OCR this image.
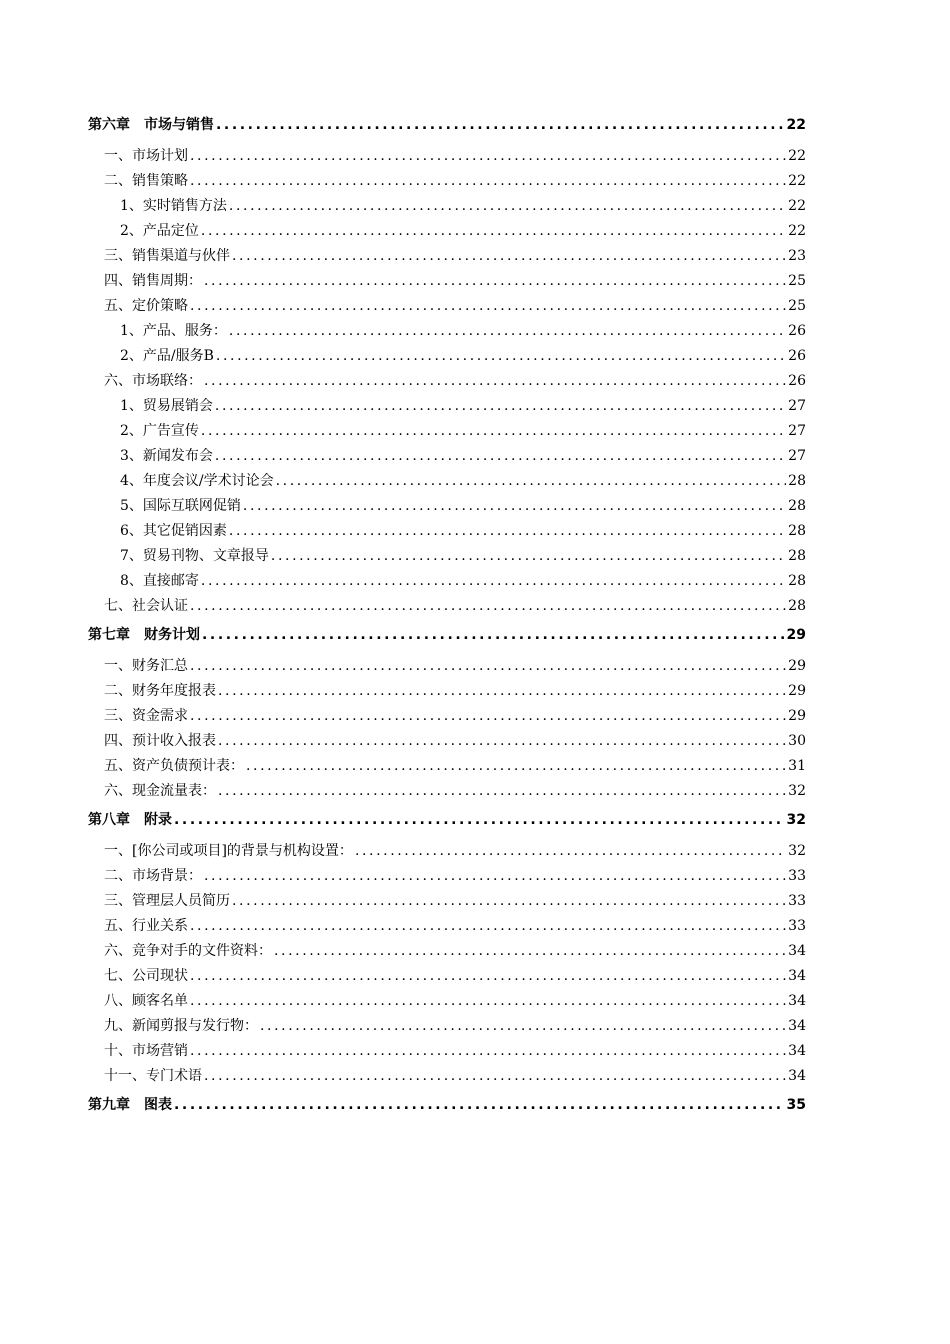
第六章　市场与销售 .....	22
一、市场计划 .....	22
二、销售策略 .....	22
1、实时销售方法 .....	22
2、产品定位 .....	22
三、销售渠道与伙伴 .....	23
四、销售周期： .....	25
五、定价策略 .....	25
1、产品、服务： .....	26
2、产品/服务B .....	26
六、市场联络： .....	26
1、贸易展销会 .....	27
2、广告宣传 .....	27
3、新闻发布会 .....	27
4、年度会议/学术讨论会 .....	28
5、国际互联网促销 .....	28
6、其它促销因素 .....	28
7、贸易刊物、文章报导 .....	28
8、直接邮寄 .....	28
七、社会认证 .....	28
第七章　财务计划 .....	29
一、财务汇总 .....	29
二、财务年度报表 .....	29
三、资金需求 .....	29
四、预计收入报表 .....	30
五、资产负债预计表： .....	31
六、现金流量表： .....	32
第八章　附录 .....	32
一、[你公司或项目]的背景与机构设置： .....	32
二、市场背景： .....	33
三、管理层人员简历 .....	33
五、行业关系 .....	33
六、竞争对手的文件资料： .....	34
七、公司现状 .....	34
八、顾客名单 .....	34
九、新闻剪报与发行物： .....	34
十、市场营销 .....	34
十一、专门术语 .....	34
第九章　图表 .....	35
